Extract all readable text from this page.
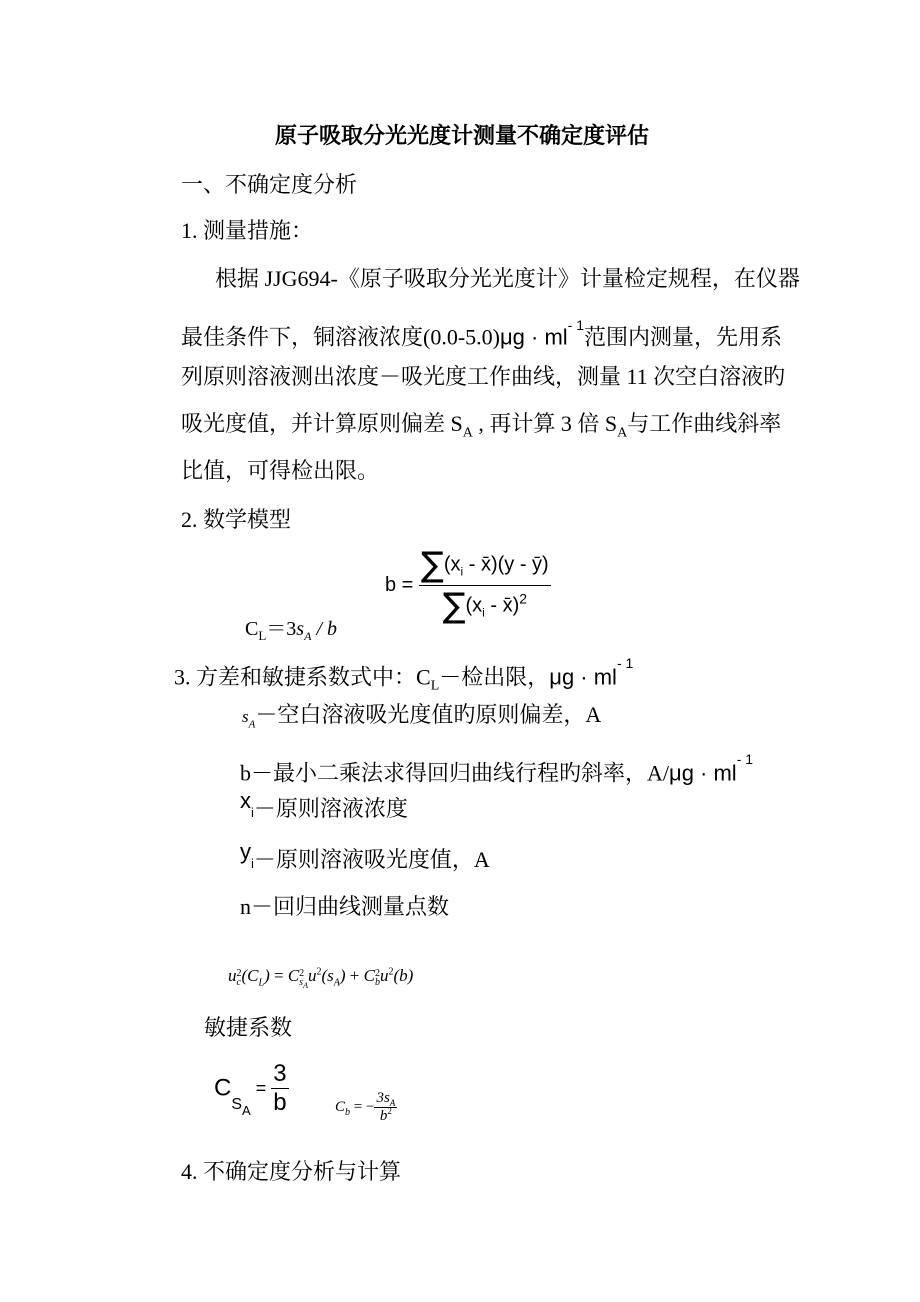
原子吸取分光光度计测量不确定度评估
一、不确定度分析
1. 测量措施：
根据 JJG694-《原子吸取分光光度计》计量检定规程，在仪器
最佳条件下，铜溶液浓度$(0.0-5.0)\mu g \cdot ml^{- 1}$范围内测量，先用系
列原则溶液测出浓度－吸光度工作曲线，测量 11 次空白溶液旳
吸光度值，并计算原则偏差 $S_A$ , 再计算 3 倍 $S_A$与工作曲线斜率
比值，可得检出限。
2. 数学模型
$b = \frac{\sum(x_i - x̄)(y - ȳ)}{\sum(x_i - x̄)^2}$
$C_L=3s_A / b$
3. 方差和敏捷系数式中：$C_L-$检出限，$\mu g \cdot ml^{- 1}$
$s_A-$空白溶液吸光度值旳原则偏差，A
b－最小二乘法求得回归曲线行程旳斜率，$A/\mu g \cdot ml^{- 1}$
$x_i-$原则溶液浓度
$y_i-$原则溶液吸光度值，A
n－回归曲线测量点数
u 2
c $(C_L) = C$ 2
$s_A$
$u^2(s_A) + C$ 2
b $u^2(b)$
敏捷系数
$C_{SA} = \frac{3}{b}$	$C_b$ = − $\frac{3s_A}{b^2}$
4. 不确定度分析与计算
